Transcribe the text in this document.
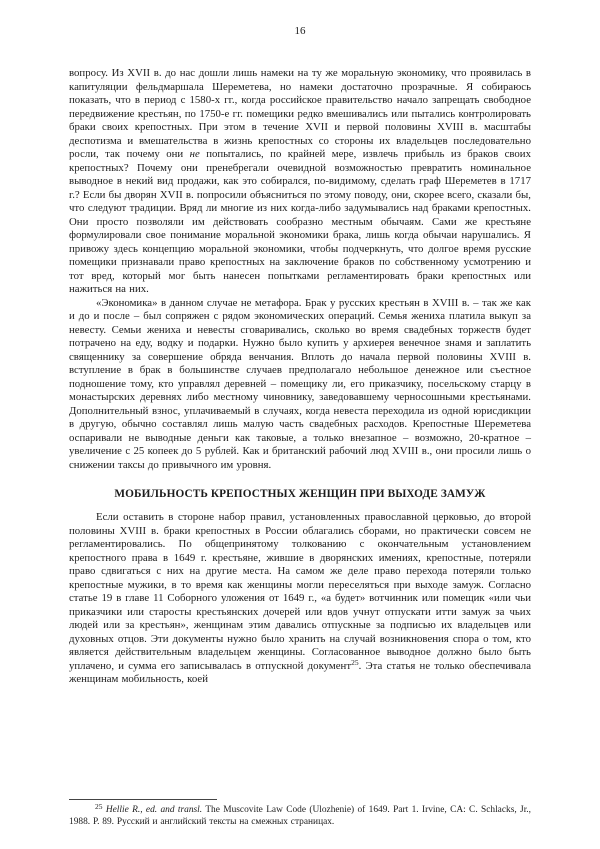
16

вопросу. Из XVII в. до нас дошли лишь намеки на ту же моральную экономику, что проявилась в капитуляции фельдмаршала Шереметева, но намеки достаточно прозрачные. Я собираюсь показать, что в период с 1580-х гг., когда российское правительство начало запрещать свободное передвижение крестьян, по 1750-е гг. помещики редко вмешивались или пытались контролировать браки своих крепостных. При этом в течение XVII и первой половины XVIII в. масштабы деспотизма и вмешательства в жизнь крепостных со стороны их владельцев последовательно росли, так почему они не попытались, по крайней мере, извлечь прибыль из браков своих крепостных? Почему они пренебрегали очевидной возможностью превратить номинальное выводное в некий вид продажи, как это собирался, по-видимому, сделать граф Шереметев в 1717 г.? Если бы дворян XVII в. попросили объясниться по этому поводу, они, скорее всего, сказали бы, что следуют традиции. Вряд ли многие из них когда-либо задумывались над браками крепостных. Они просто позволяли им действовать сообразно местным обычаям. Сами же крестьяне формулировали свое понимание моральной экономики брака, лишь когда обычаи нарушались. Я привожу здесь концепцию моральной экономики, чтобы подчеркнуть, что долгое время русские помещики признавали право крепостных на заключение браков по собственному усмотрению и тот вред, который мог быть нанесен попытками регламентировать браки крепостных или нажиться на них.

«Экономика» в данном случае не метафора. Брак у русских крестьян в XVIII в. – так же как и до и после – был сопряжен с рядом экономических операций. Семья жениха платила выкуп за невесту. Семьи жениха и невесты сговаривались, сколько во время свадебных торжеств будет потрачено на еду, водку и подарки. Нужно было купить у архиерея венечное знамя и заплатить священнику за совершение обряда венчания. Вплоть до начала первой половины XVIII в. вступление в брак в большинстве случаев предполагало небольшое денежное или съестное подношение тому, кто управлял деревней – помещику ли, его приказчику, посельскому старцу в монастырских деревнях либо местному чиновнику, заведовавшему черносошными крестьянами. Дополнительный взнос, уплачиваемый в случаях, когда невеста переходила из одной юрисдикции в другую, обычно составлял лишь малую часть свадебных расходов. Крепостные Шереметева оспаривали не выводные деньги как таковые, а только внезапное – возможно, 20-кратное – увеличение с 25 копеек до 5 рублей. Как и британский рабочий люд XVIII в., они просили лишь о снижении таксы до привычного им уровня.

МОБИЛЬНОСТЬ КРЕПОСТНЫХ ЖЕНЩИН ПРИ ВЫХОДЕ ЗАМУЖ

Если оставить в стороне набор правил, установленных православной церковью, до второй половины XVIII в. браки крепостных в России облагались сборами, но практически совсем не регламентировались. По общепринятому толкованию с окончательным установлением крепостного права в 1649 г. крестьяне, жившие в дворянских имениях, крепостные, потеряли право сдвигаться с них на другие места. На самом же деле право перехода потеряли только крепостные мужики, в то время как женщины могли переселяться при выходе замуж. Согласно статье 19 в главе 11 Соборного уложения от 1649 г., «а будет» вотчинник или помещик «или чьи приказчики или старосты крестьянских дочерей или вдов учнут отпускати итти замуж за чьих людей или за крестьян», женщинам этим давались отпускные за подписью их владельцев или духовных отцов. Эти документы нужно было хранить на случай возникновения спора о том, кто является действительным владельцем женщины. Согласованное выводное должно было быть уплачено, и сумма его записывалась в отпускной документ$^{25}$. Эта статья не только обеспечивала женщинам мобильность, коей

$^{25}$ Hellie R., ed. and transl. The Muscovite Law Code (Ulozhenie) of 1649. Part 1. Irvine, CA: C. Schlacks, Jr., 1988. P. 89. Русский и английский тексты на смежных страницах.
